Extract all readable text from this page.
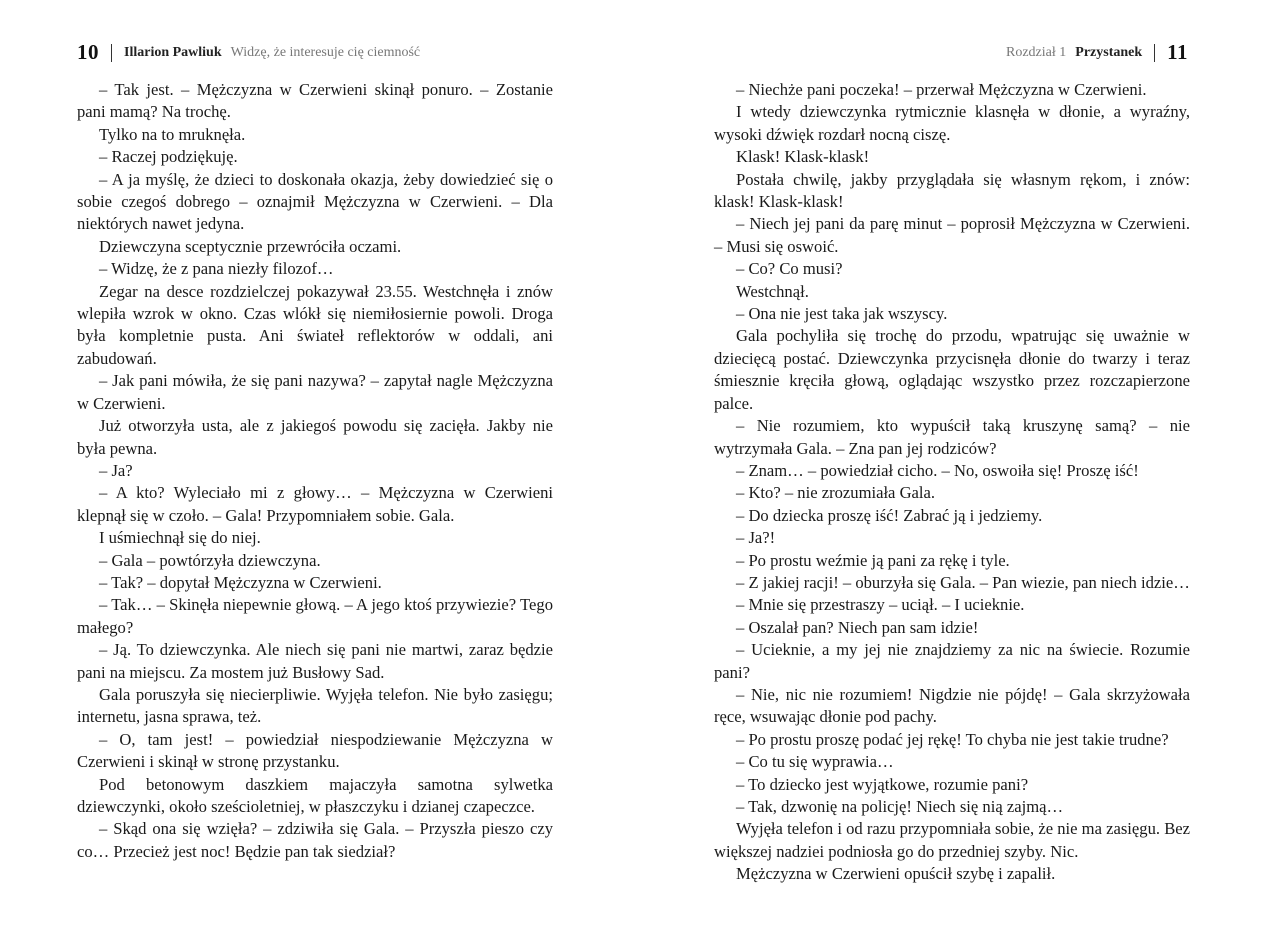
10 Illarion Pawliuk Widzę, że interesuje cię ciemność

– Tak jest. – Mężczyzna w Czerwieni skinął ponuro. – Zostanie pani mamą? Na trochę.

Tylko na to mruknęła.

– Raczej podziękuję.

– A ja myślę, że dzieci to doskonała okazja, żeby dowiedzieć się o sobie czegoś dobrego – oznajmił Mężczyzna w Czerwieni. – Dla niektórych nawet jedyna.

Dziewczyna sceptycznie przewróciła oczami.

– Widzę, że z pana niezły filozof…

Zegar na desce rozdzielczej pokazywał 23.55. Westchnęła i znów wlepiła wzrok w okno. Czas wlókł się niemiłosiernie powoli. Droga była kompletnie pusta. Ani świateł reflektorów w oddali, ani zabudowań.

– Jak pani mówiła, że się pani nazywa? – zapytał nagle Mężczyzna w Czerwieni.

Już otworzyła usta, ale z jakiegoś powodu się zacięła. Jakby nie była pewna.

– Ja?

– A kto? Wyleciało mi z głowy… – Mężczyzna w Czerwieni klepnął się w czoło. – Gala! Przypomniałem sobie. Gala.

I uśmiechnął się do niej.

– Gala – powtórzyła dziewczyna.

– Tak? – dopytał Mężczyzna w Czerwieni.

– Tak… – Skinęła niepewnie głową. – A jego ktoś przywiezie? Tego małego?

– Ją. To dziewczynka. Ale niech się pani nie martwi, zaraz będzie pani na miejscu. Za mostem już Busłowy Sad.

Gala poruszyła się niecierpliwie. Wyjęła telefon. Nie było zasięgu; internetu, jasna sprawa, też.

– O, tam jest! – powiedział niespodziewanie Mężczyzna w Czerwieni i skinął w stronę przystanku.

Pod betonowym daszkiem majaczyła samotna sylwetka dziewczynki, około sześcioletniej, w płaszczyku i dzianej czapeczce.

– Skąd ona się wzięła? – zdziwiła się Gala. – Przyszła pieszo czy co… Przecież jest noc! Będzie pan tak siedział?

Rozdział 1 Przystanek 11

– Niechże pani poczeka! – przerwał Mężczyzna w Czerwieni.

I wtedy dziewczynka rytmicznie klasnęła w dłonie, a wyraźny, wysoki dźwięk rozdarł nocną ciszę.

Klask! Klask-klask!

Postała chwilę, jakby przyglądała się własnym rękom, i znów: klask! Klask-klask!

– Niech jej pani da parę minut – poprosił Mężczyzna w Czerwieni. – Musi się oswoić.

– Co? Co musi?

Westchnął.

– Ona nie jest taka jak wszyscy.

Gala pochyliła się trochę do przodu, wpatrując się uważnie w dziecięcą postać. Dziewczynka przycisnęła dłonie do twarzy i teraz śmiesznie kręciła głową, oglądając wszystko przez rozczapierzone palce.

– Nie rozumiem, kto wypuścił taką kruszynę samą? – nie wytrzymała Gala. – Zna pan jej rodziców?

– Znam… – powiedział cicho. – No, oswoiła się! Proszę iść!

– Kto? – nie zrozumiała Gala.

– Do dziecka proszę iść! Zabrać ją i jedziemy.

– Ja?!

– Po prostu weźmie ją pani za rękę i tyle.

– Z jakiej racji! – oburzyła się Gala. – Pan wiezie, pan niech idzie…

– Mnie się przestraszy – uciął. – I ucieknie.

– Oszalał pan? Niech pan sam idzie!

– Ucieknie, a my jej nie znajdziemy za nic na świecie. Rozumie pani?

– Nie, nic nie rozumiem! Nigdzie nie pójdę! – Gala skrzyżowała ręce, wsuwając dłonie pod pachy.

– Po prostu proszę podać jej rękę! To chyba nie jest takie trudne?

– Co tu się wyprawia…

– To dziecko jest wyjątkowe, rozumie pani?

– Tak, dzwonię na policję! Niech się nią zajmą…

Wyjęła telefon i od razu przypomniała sobie, że nie ma zasięgu. Bez większej nadziei podniosła go do przedniej szyby. Nic.

Mężczyzna w Czerwieni opuścił szybę i zapalił.
